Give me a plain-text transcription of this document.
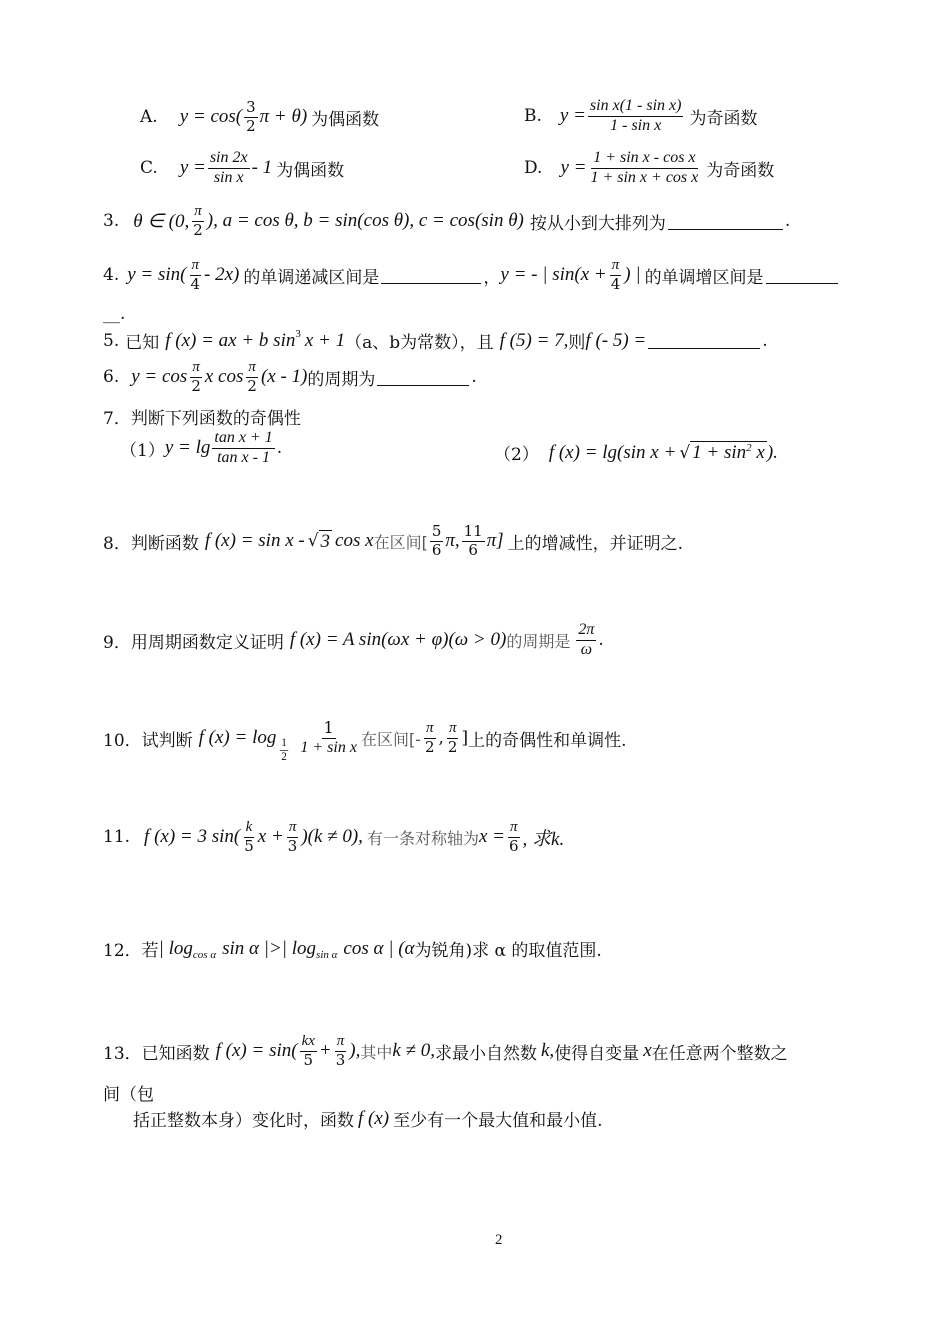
A. $y = \cos( \frac{3}{2}$ π + θ) 为偶函数	B. $y = \frac{\text{sin x(1 - sin x)}}{\text{1 - sin x}}$ 为奇函数
C. $y = \frac{\sin 2x}{\text{sin x}} - 1$ 为偶函数	D. $y = \frac{\text{1 + sin x - cos x}}{\text{1 + sin x + cos x}}$ 为奇函数
3. θ ∈ (0, $\frac{\pi}{2}$ ), a = cos θ, b = sin(cos θ), c = cos(sin θ) 按从小到大排列为	.
4. $y = \sin( \frac{\pi}{4} - 2x)$ 的单调递减区间是	， y = - | $\sin(x + \frac{\pi}{4}$ ) | 的单调增区间是
__.
5. 已知 f (x) = ax + b sin 3 x + 1 （a、b为常数），且 f (5) = 7, 则 f (- 5) =	.
6. $y = \cos \frac{\pi}{2}$ x $\cos \frac{\pi}{2} (x - 1)$ 的周期为	.
7．判断下列函数的奇偶性
（1） $y = \lg \frac{\text{tan x + 1}}{\text{tan x - 1}}$ .	（2） f (x) = lg(sin x + √ $1 + \sin^2 x$ ).
8．判断函数 f (x) = sin x - √ 3 cos x 在区间[ $\frac{5}{6} \pi$, $\frac{11}{6} \pi$] 上的增减性，并证明之.
9．用周期函数定义证明 f (x) = A sin(ωx + φ)(ω > 0) 的周期是 $\frac{2\pi}{\omega}$ .
10．试判断 f $(x) = \log \frac{1}{2} \frac{1}{\text{1 + sin x}}$ 在区间[- $\frac{\pi}{2}$ , $\frac{\pi}{2}$ ] 上的奇偶性和单调性.
11. f (x) = 3 $\sin( \frac{k}{5}$ $x + \frac{\pi}{3} )(k \ne 0)$, 有一条对称轴为 $x = \frac{\pi}{6}$ , 求k.
12．若 | log cos α sin α |>| log sin α cos α | (α 为锐角)求 α 的取值范围.
13．已知函数 f $(x) = \sin( \frac{kx}{5} + \frac{\pi}{3}$ ), 其中 k ≠ 0, 求最小自然数 k, 使得自变量 x 在任意两个整数之
间（包
括正整数本身）变化时，函数 f (x) 至少有一个最大值和最小值.
2
